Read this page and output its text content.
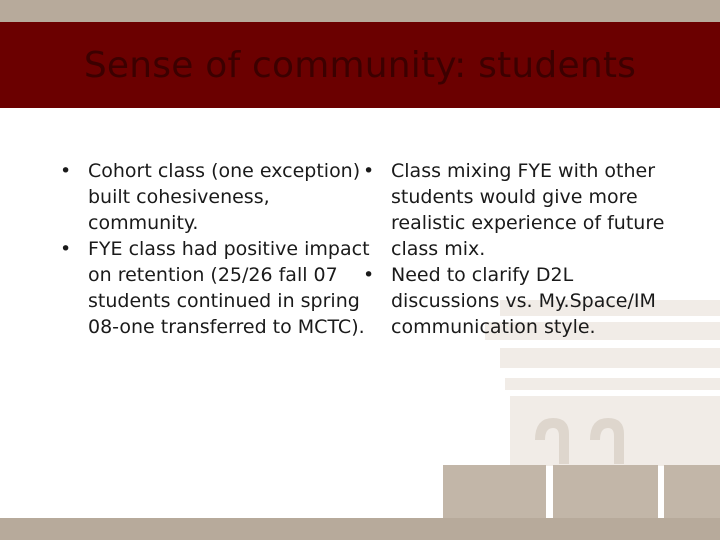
Sense of community: students
• Cohort class (one exception) built cohesiveness, community.
• FYE class had positive impact on retention (25/26 fall 07 students continued in spring 08-one transferred to MCTC).
• Class mixing FYE with other students would give more realistic experience of future class mix.
• Need to clarify D2L discussions vs. My.Space/IM communication style.
